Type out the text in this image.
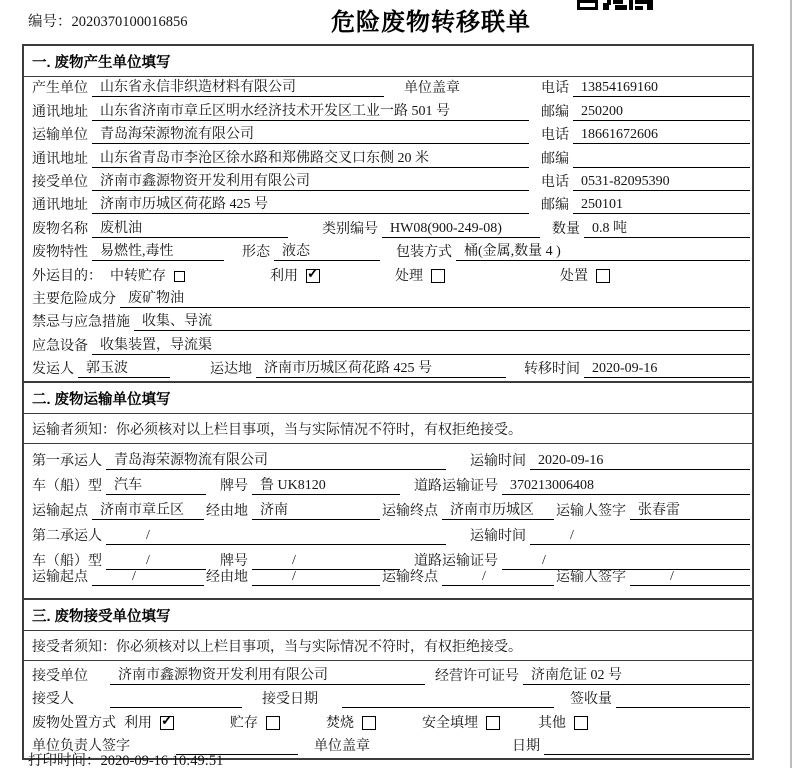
编号：2020370100016856	危险废物转移联单
一. 废物产生单位填写
产生单位 山东省永信非织造材料有限公司	单位盖章	电话 13854169160
通讯地址 山东省济南市章丘区明水经济技术开发区工业一路 501 号	邮编 250200
运输单位 青岛海荣源物流有限公司	电话 18661672606
通讯地址 山东省青岛市李沧区徐水路和郑佛路交叉口东侧 20 米	邮编
接受单位 济南市鑫源物资开发利用有限公司	电话 0531-82095390
通讯地址 济南市历城区荷花路 425 号	邮编 250101
废物名称 废机油	类别编号 HW08(900-249-08)	数量 0.8 吨
废物特性 易燃性,毒性	形态 液态	包装方式 桶(金属,数量 4 )
外运目的： 中转贮存	利用 ✓	处理	处置
主要危险成分 废矿物油
禁忌与应急措施 收集、导流
应急设备 收集装置，导流渠
发运人 郭玉波	运达地 济南市历城区荷花路 425 号	转移时间 2020-09-16
二. 废物运输单位填写
运输者须知：你必须核对以上栏目事项，当与实际情况不符时，有权拒绝接受。
第一承运人 青岛海荣源物流有限公司	运输时间 2020-09-16
车（船）型 汽车	牌号 鲁 UK8120	道路运输证号 370213006408
运输起点 济南市章丘区	经由地 济南	运输终点 济南市历城区	运输人签字 张春雷
第二承运人	/	运输时间	/
车（船）型	/	牌号	/	道路运输证号	/
运输起点	/	经由地	/	运输终点	/	运输人签字	/
三. 废物接受单位填写
接受者须知：你必须核对以上栏目事项，当与实际情况不符时，有权拒绝接受。
接受单位	济南市鑫源物资开发利用有限公司	经营许可证号 济南危证 02 号
接受人	接受日期	签收量
废物处置方式 利用 ✓	贮存	焚烧	安全填埋	其他
单位负责人签字	单位盖章	日期
打印时间：2020-09-16 10:49:51
